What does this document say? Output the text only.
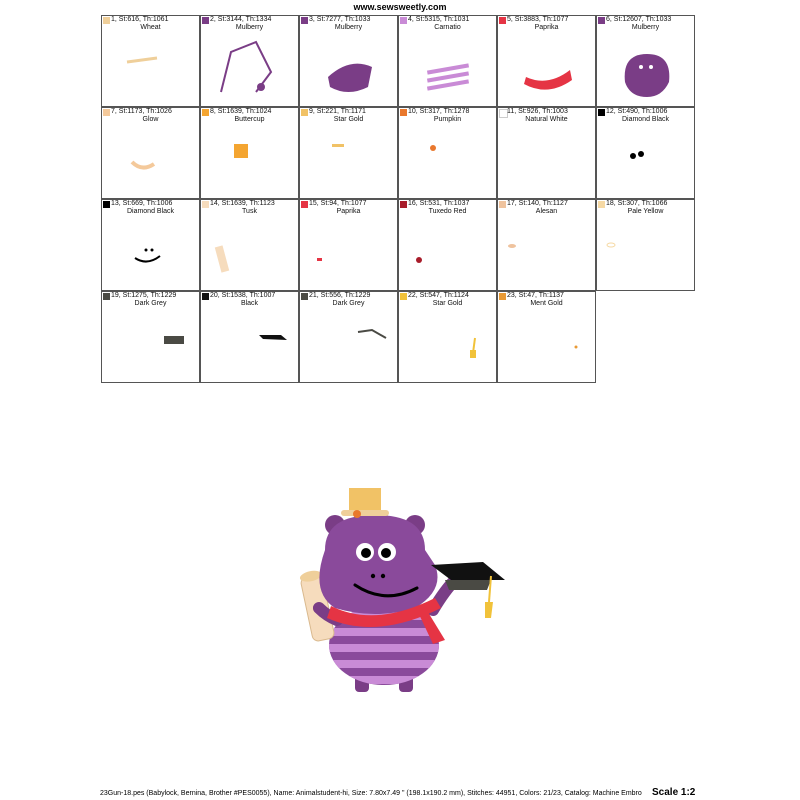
www.sewsweetly.com
1, St:616, Th:1061
Wheat
2, St:3144, Th:1334
Mulberry
3, St:7277, Th:1033
Mulberry
4, St:5315, Th:1031
Carnatio
5, St:3883, Th:1077
Paprika
6, St:12607, Th:1033
Mulberry
7, St:1173, Th:1026
Glow
8, St:1639, Th:1024
Buttercup
9, St:221, Th:1171
Star Gold
10, St:317, Th:1278
Pumpkin
11, St:926, Th:1003
Natural White
12, St:490, Th:1006
Diamond Black
13, St:669, Th:1006
Diamond Black
14, St:1639, Th:1123
Tusk
15, St:94, Th:1077
Paprika
16, St:531, Th:1037
Tuxedo Red
17, St:140, Th:1127
Alesan
18, St:307, Th:1066
Pale Yellow
19, St:1275, Th:1229
Dark Grey
20, St:1538, Th:1007
Black
21, St:556, Th:1229
Dark Grey
22, St:547, Th:1124
Star Gold
23, St:47, Th:1137
Ment Gold
23Gun-18.pes (Babylock, Bernina, Brother #PES0055), Name: Animalstudent-hi, Size: 7.80x7.49 " (198.1x190.2 mm), Stitches: 44951, Colors: 21/23, Catalog: Machine Embro Scale 1:2
